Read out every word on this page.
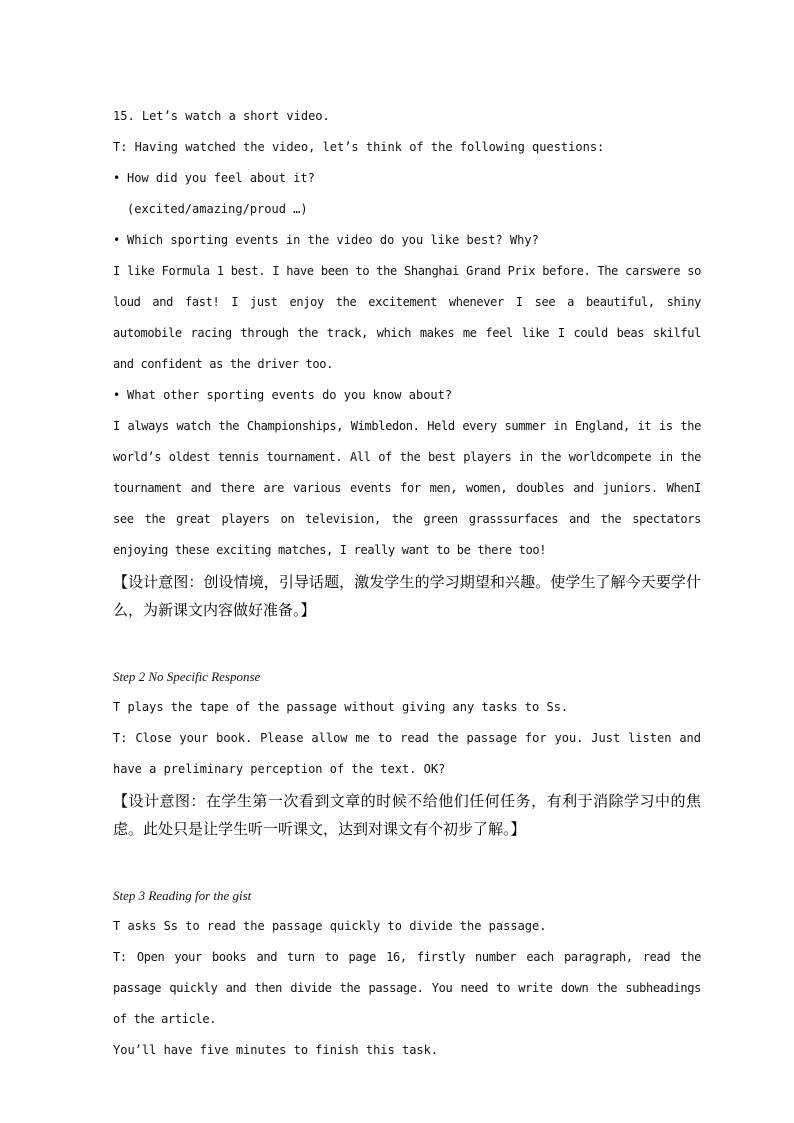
15. Let’s watch a short video.

T: Having watched the video, let’s think of the following questions:

• How did you feel about it?

(excited/amazing/proud …)

• Which sporting events in the video do you like best? Why?

I like Formula 1 best. I have been to the Shanghai Grand Prix before. The carswere so loud and fast! I just enjoy the excitement whenever I see a beautiful, shiny automobile racing through the track, which makes me feel like I could beas skilful and confident as the driver too.

• What other sporting events do you know about?

I always watch the Championships, Wimbledon. Held every summer in England, it is the world’s oldest tennis tournament. All of the best players in the worldcompete in the tournament and there are various events for men, women, doubles and juniors. WhenI see the great players on television, the green grasssurfaces and the spectators enjoying these exciting matches, I really want to be there too!

【设计意图：创设情境，引导话题，激发学生的学习期望和兴趣。使学生了解今天要学什么，为新课文内容做好准备。】

Step 2 No Specific Response

T plays the tape of the passage without giving any tasks to Ss.

T: Close your book. Please allow me to read the passage for you. Just listen and have a preliminary perception of the text. OK?

【设计意图：在学生第一次看到文章的时候不给他们任何任务，有利于消除学习中的焦虑。此处只是让学生听一听课文，达到对课文有个初步了解。】

Step 3 Reading for the gist

T asks Ss to read the passage quickly to divide the passage.

T: Open your books and turn to page 16, firstly number each paragraph, read the passage quickly and then divide the passage. You need to write down the subheadings of the article.

You’ll have five minutes to finish this task.
